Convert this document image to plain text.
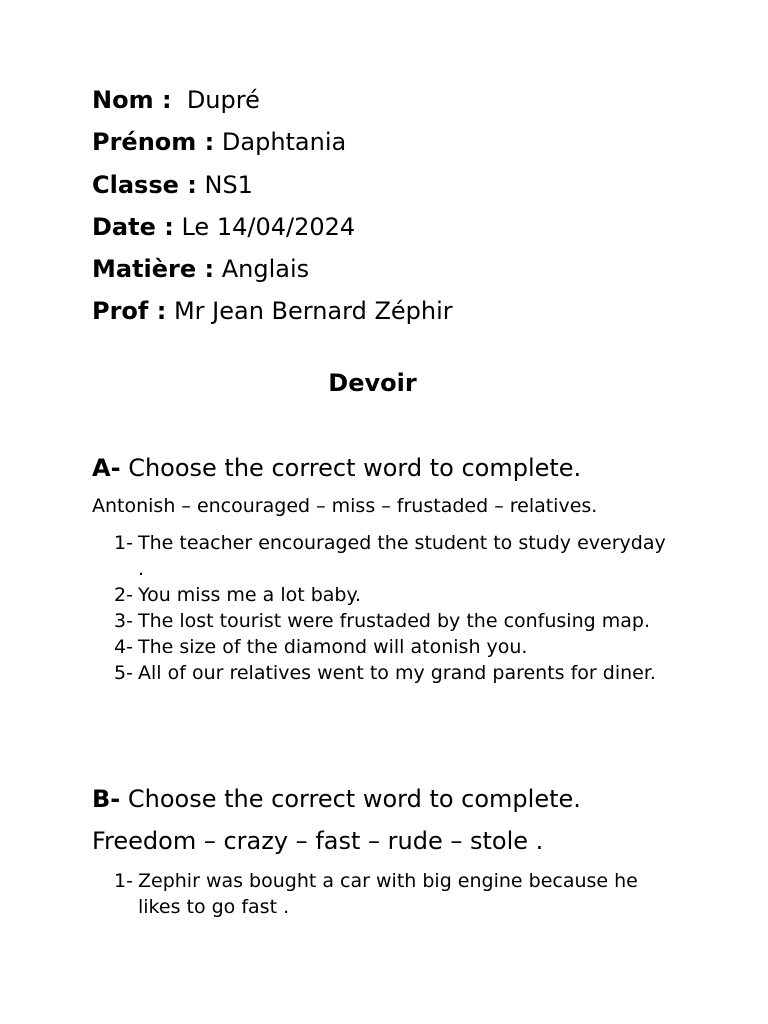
Nom : Dupré
Prénom : Daphtania
Classe : NS1
Date : Le 14/04/2024
Matière : Anglais
Prof : Mr Jean Bernard Zéphir
Devoir
A- Choose the correct word to complete.
Antonish – encouraged – miss – frustaded – relatives.
1- The teacher encouraged the student to study everyday .
2- You miss me a lot baby.
3- The lost tourist were frustaded by the confusing map.
4- The size of the diamond will atonish you.
5- All of our relatives went to my grand parents for diner.
B- Choose the correct word to complete.
Freedom – crazy – fast – rude – stole .
1- Zephir was bought a car with big engine because he likes to go fast .
